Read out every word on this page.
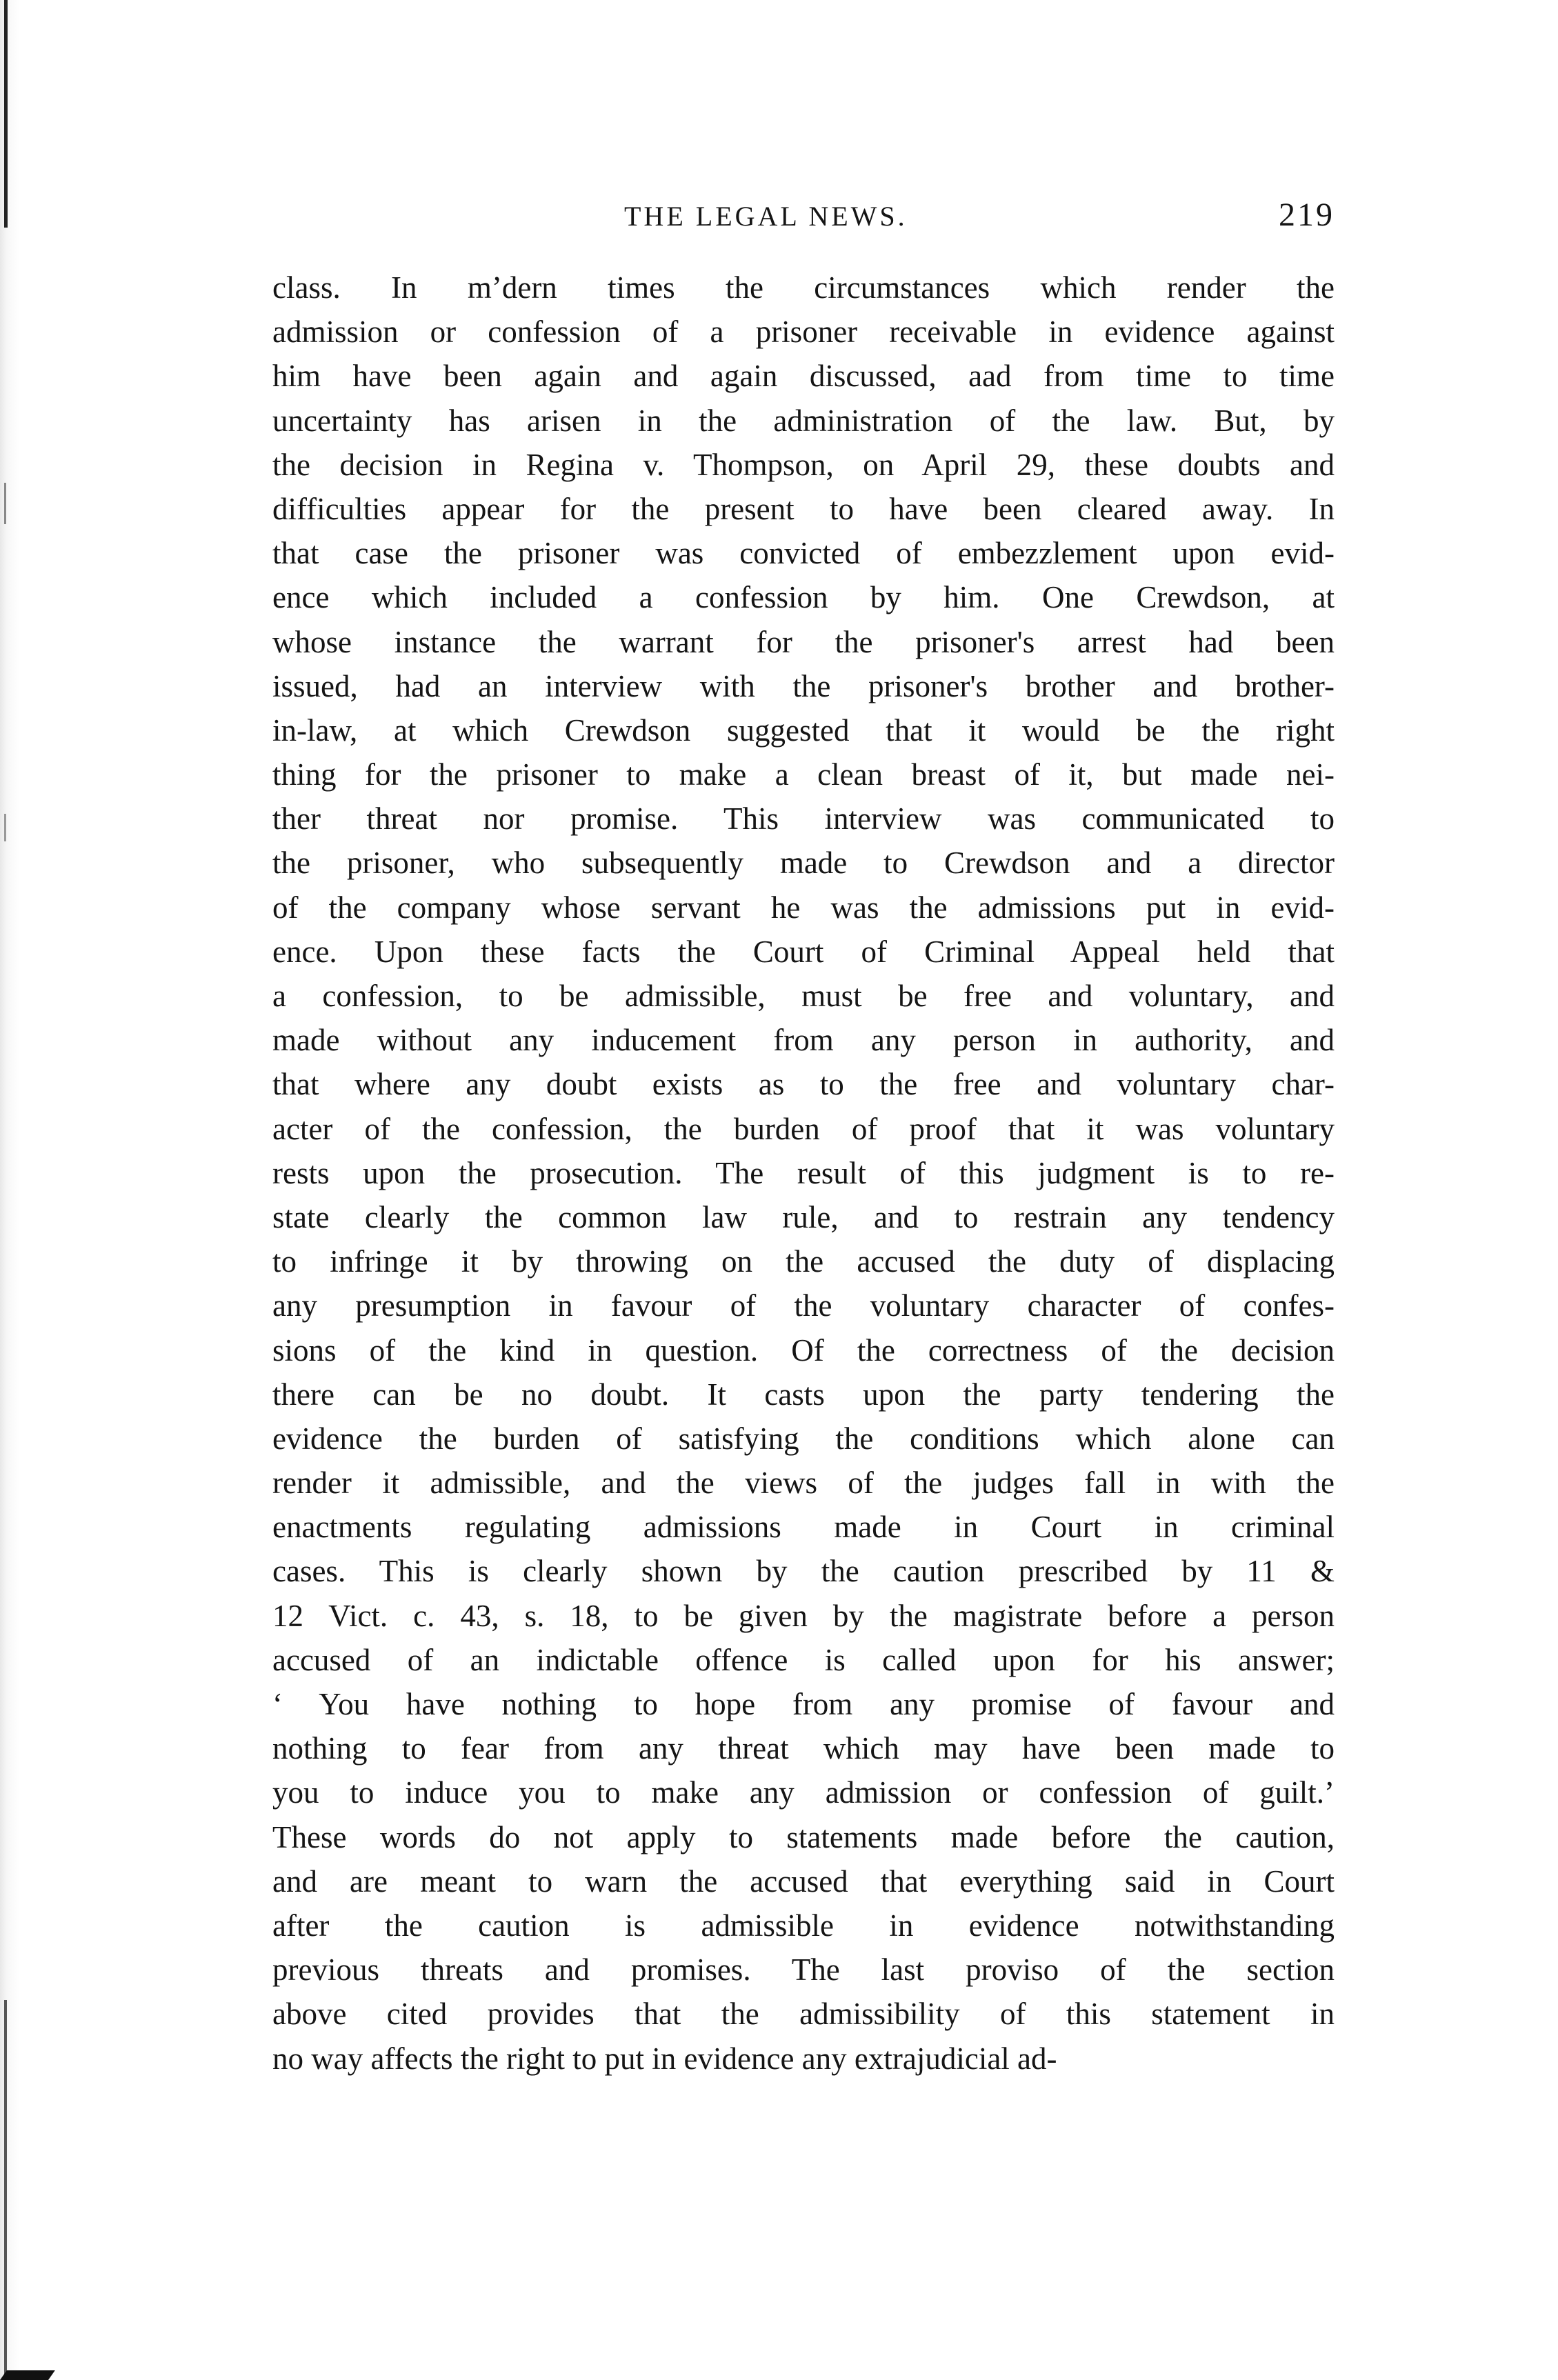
THE LEGAL NEWS.	219
class. In mʼdern times the circumstances which render the
admission or confession of a prisoner receivable in evidence against
him have been again and again discussed, aad from time to time
uncertainty has arisen in the administration of the law. But, by
the decision in Regina v. Thompson, on April 29, these doubts and
difficulties appear for the present to have been cleared away. In
that case the prisoner was convicted of embezzlement upon evid-
ence which included a confession by him. One Crewdson, at
whose instance the warrant for the prisoner's arrest had been
issued, had an interview with the prisoner's brother and brother-
in-law, at which Crewdson suggested that it would be the right
thing for the prisoner to make a clean breast of it, but made nei-
ther threat nor promise. This interview was communicated to
the prisoner, who subsequently made to Crewdson and a director
of the company whose servant he was the admissions put in evid-
ence. Upon these facts the Court of Criminal Appeal held that
a confession, to be admissible, must be free and voluntary, and
made without any inducement from any person in authority, and
that where any doubt exists as to the free and voluntary char-
acter of the confession, the burden of proof that it was voluntary
rests upon the prosecution. The result of this judgment is to re-
state clearly the common law rule, and to restrain any tendency
to infringe it by throwing on the accused the duty of displacing
any presumption in favour of the voluntary character of confes-
sions of the kind in question. Of the correctness of the decision
there can be no doubt. It casts upon the party tendering the
evidence the burden of satisfying the conditions which alone can
render it admissible, and the views of the judges fall in with the
enactments regulating admissions made in Court in criminal
cases. This is clearly shown by the caution prescribed by 11 &
12 Vict. c. 43, s. 18, to be given by the magistrate before a person
accused of an indictable offence is called upon for his answer;
‘ You have nothing to hope from any promise of favour and
nothing to fear from any threat which may have been made to
you to induce you to make any admission or confession of guilt.’
These words do not apply to statements made before the caution,
and are meant to warn the accused that everything said in Court
after the caution is admissible in evidence notwithstanding
previous threats and promises. The last proviso of the section
above cited provides that the admissibility of this statement in
no way affects the right to put in evidence any extrajudicial ad-
